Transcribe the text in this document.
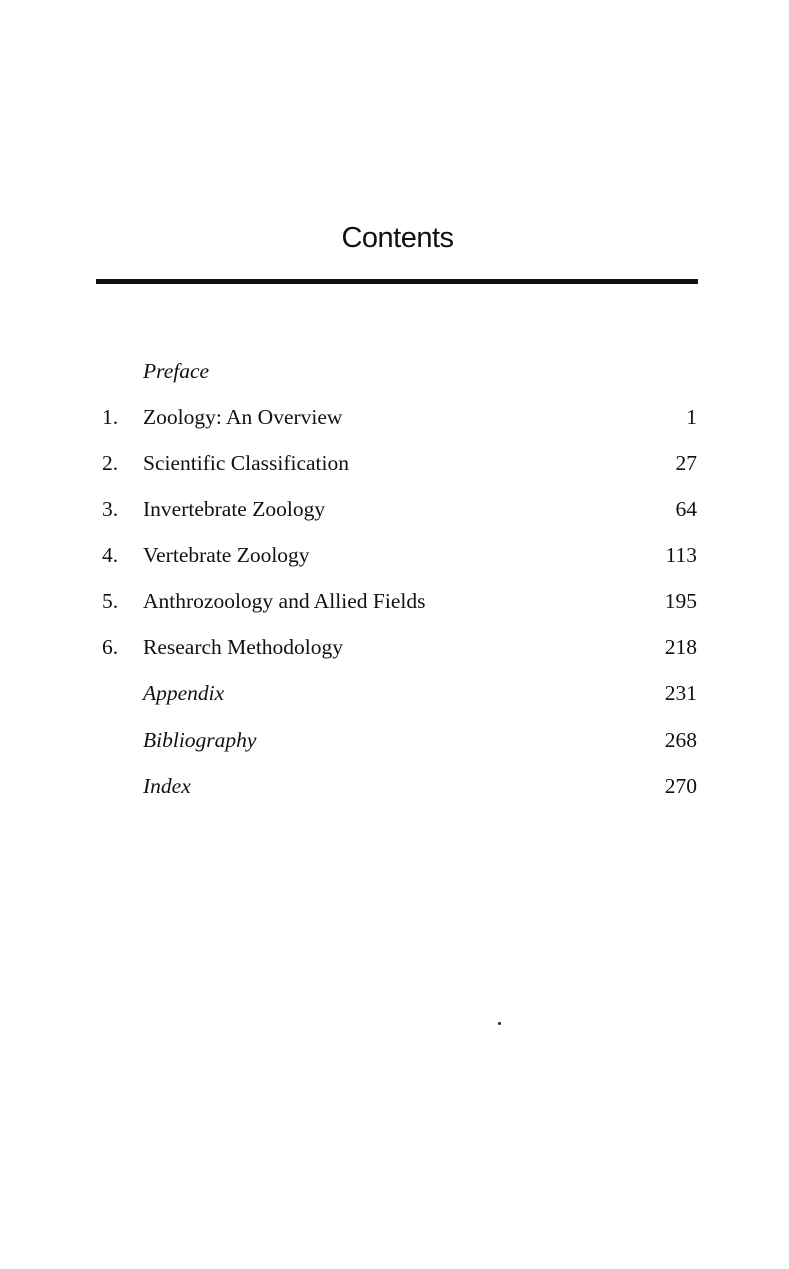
Contents
Preface
1. Zoology: An Overview	1
2. Scientific Classification	27
3. Invertebrate Zoology	64
4. Vertebrate Zoology	113
5. Anthrozoology and Allied Fields	195
6. Research Methodology	218
Appendix	231
Bibliography	268
Index	270
